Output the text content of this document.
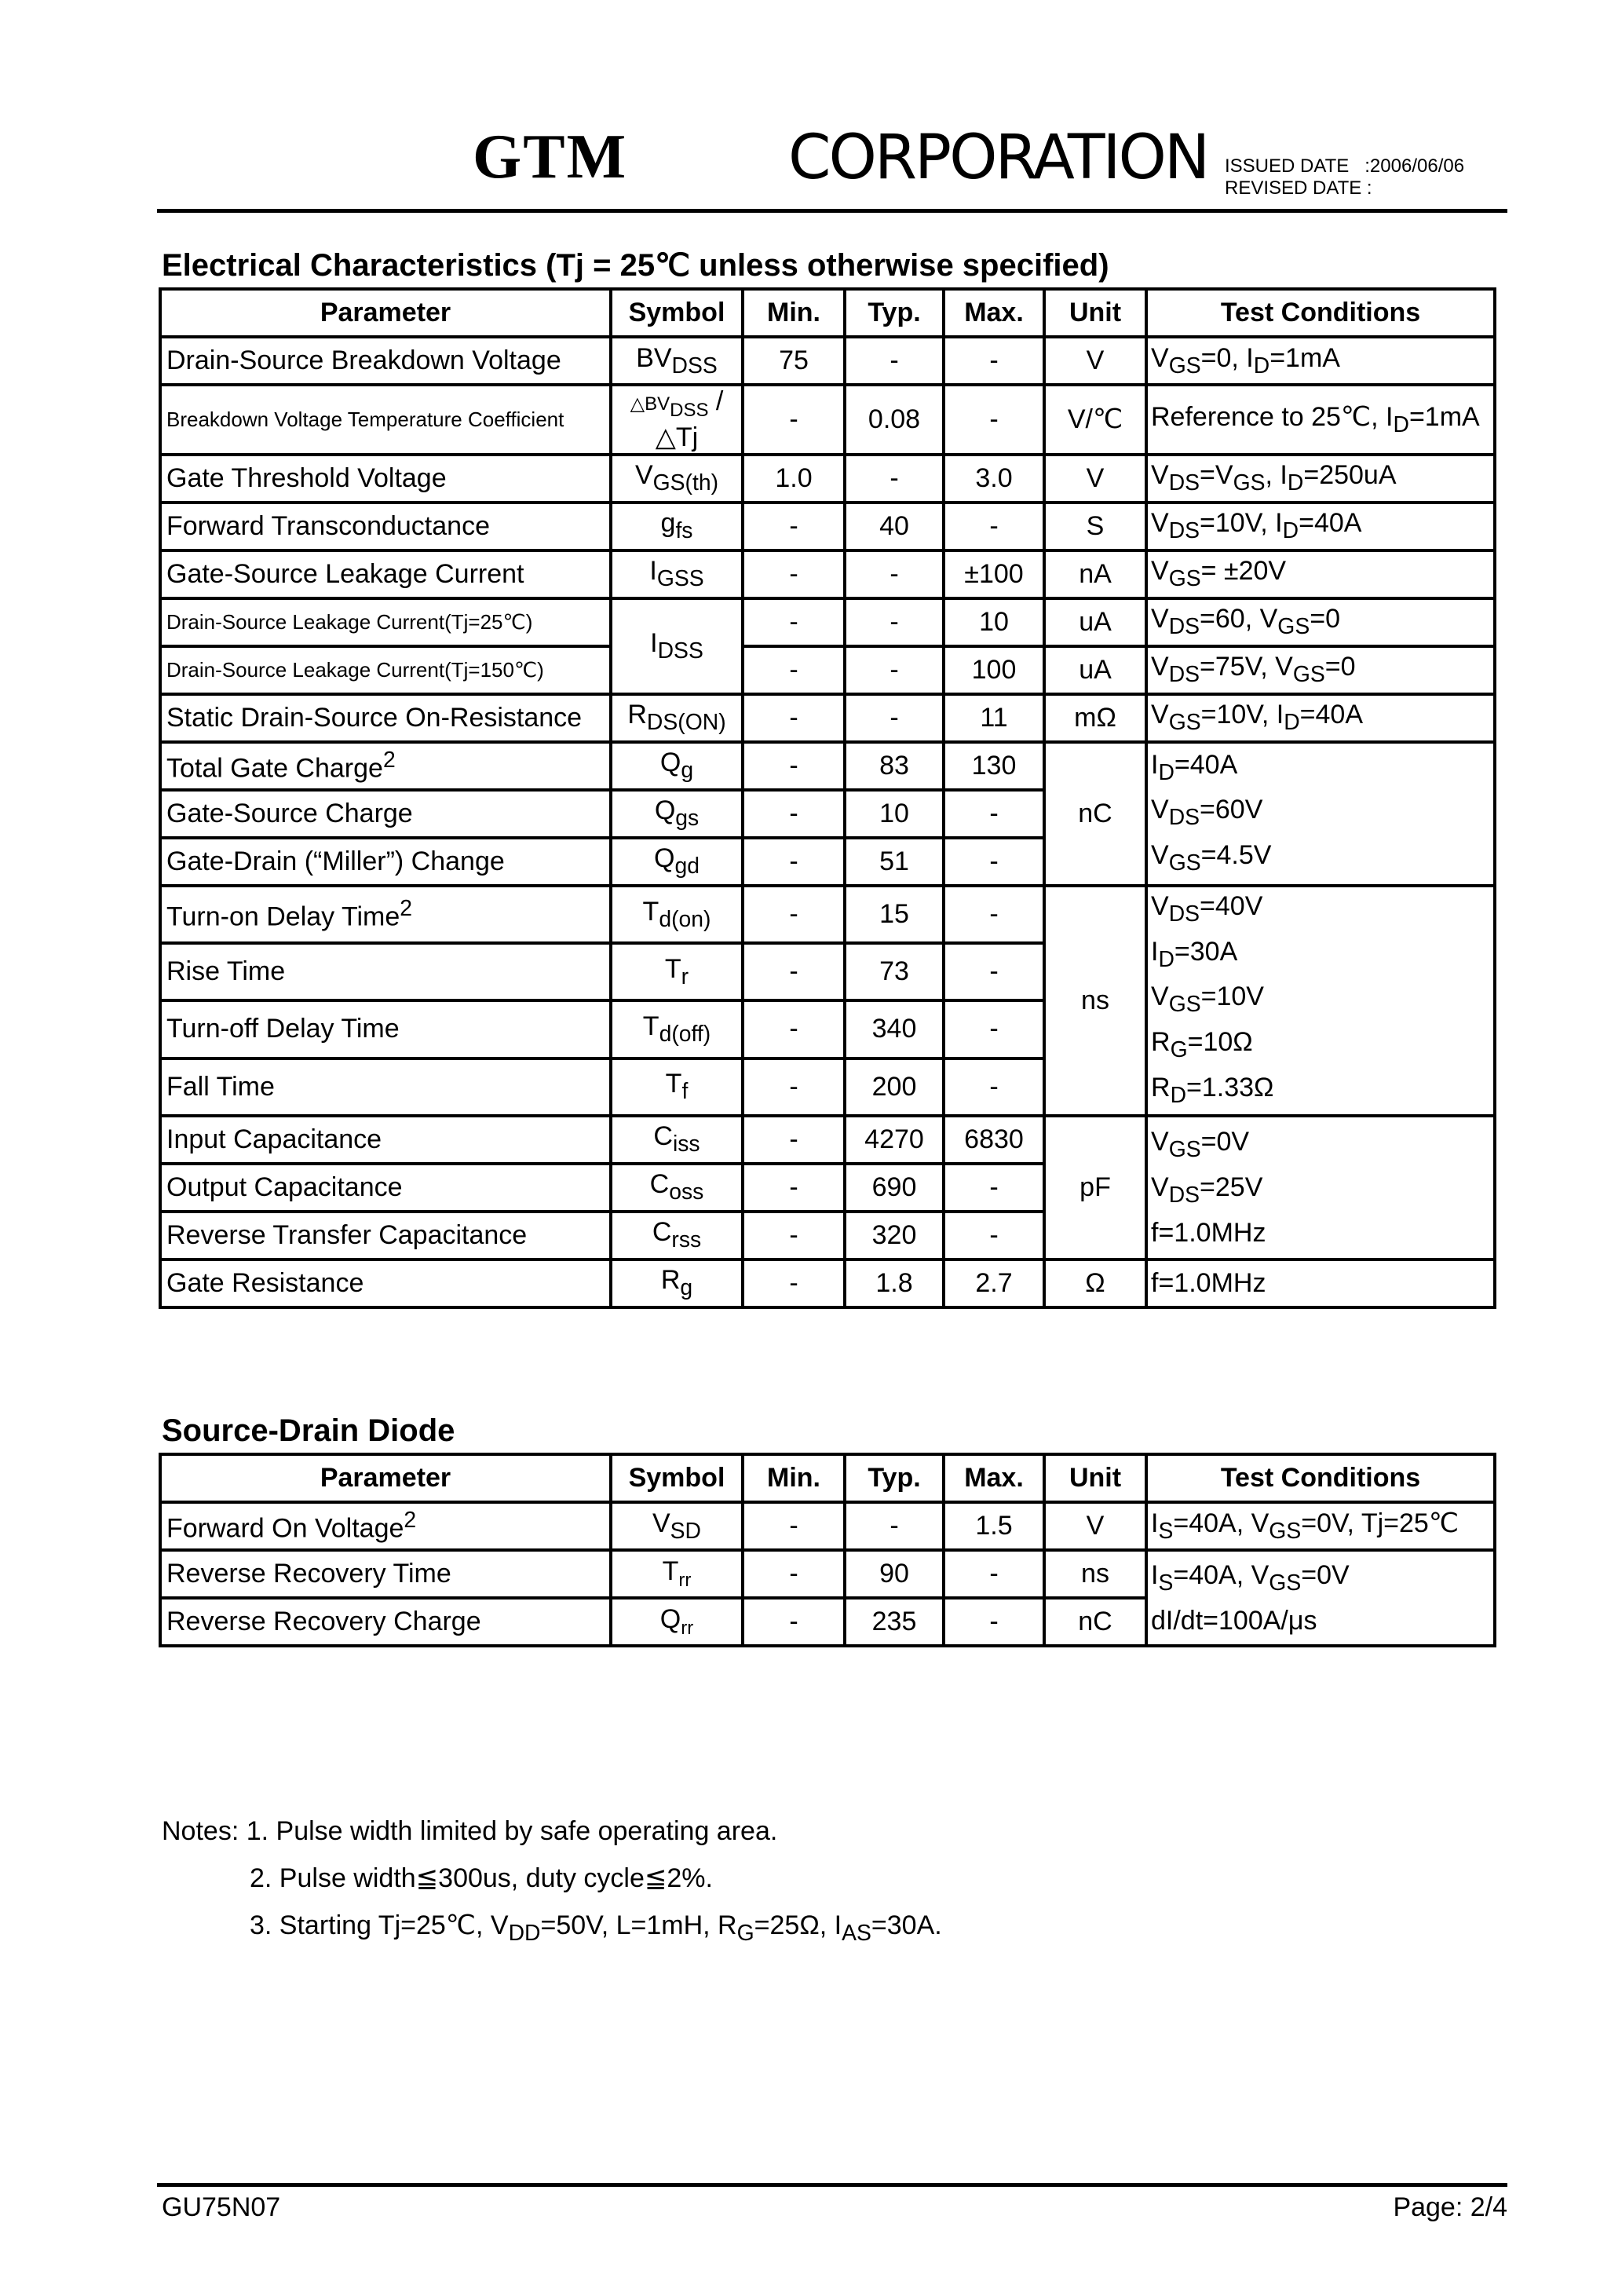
GTM	CORPORATION ISSUED DATE :2006/06/06
REVISED DATE :
Electrical Characteristics (Tj = 25℃ unless otherwise specified)
Parameter	Symbol	Min.	Typ.	Max.	Unit	Test Conditions
Drain-Source Breakdown Voltage	$BV_{DSS}$	75	-	-	V	$V_{GS}=0$, $I_D=1mA$
Breakdown Voltage Temperature Coefficient	$\triangle BV_{DSS}$ /△Tj	-	0.08	-	V/℃	Reference to 25℃, $I_D=1mA$
Gate Threshold Voltage	$V_{GS(th)}$	1.0	-	3.0	V	$V_{DS}=V_{GS}$, $I_D=250uA$
Forward Transconductance	$g_{fs}$	-	40	-	S	$V_{DS}=10V$, $I_D=40A$
Gate-Source Leakage Current	$I_{GSS}$	-	-	±100	nA	$V_{GS}= \pm 20V$
Drain-Source Leakage Current(Tj=25℃)	$I_{DSS}$	-	-	10	uA	$V_{DS}=60$, $V_{GS}=0$
Drain-Source Leakage Current(Tj=150℃)		-	-	100	uA	$V_{DS}=75V$, $V_{GS}=0$
Static Drain-Source On-Resistance	$R_{DS(ON)}$	-	-	11	mΩ	$V_{GS}=10V$, $I_D=40A$
Total Gate Charge$^2$	$Q_g$	-	83	130	nC	$I_D=40A$
$V_{DS}=60V$
$V_{GS}=4.5V$
Gate-Source Charge	$Q_{gs}$	-	10	-		
Gate-Drain (“Miller”) Change	$Q_{gd}$	-	51	-		
Turn-on Delay Time$^2$	$T_{d(on)}$	-	15	-	ns	$V_{DS}=40V$
$I_D=30A$
$V_{GS}=10V$
$R_G=10\Omega$
$R_D=1.33\Omega$
Rise Time	$T_r$	-	73	-		
Turn-off Delay Time	$T_{d(off)}$	-	340	-		
Fall Time	$T_f$	-	200	-		
Input Capacitance	$C_{iss}$	-	4270	6830	pF	$V_{GS}=0V$
$V_{DS}=25V$
f=1.0MHz
Output Capacitance	$C_{oss}$	-	690	-		
Reverse Transfer Capacitance	$C_{rss}$	-	320	-		
Gate Resistance	$R_g$	-	1.8	2.7	Ω	f=1.0MHz
Source-Drain Diode
Parameter	Symbol	Min.	Typ.	Max.	Unit	Test Conditions
Forward On Voltage$^2$	$V_{SD}$	-	-	1.5	V	$I_S=40A$, $V_{GS}=0V$, Tj=25℃
Reverse Recovery Time	$T_{rr}$	-	90	-	ns	$I_S=40A$, $V_{GS}=0V$
dI/dt=100A/μs
Reverse Recovery Charge	$Q_{rr}$	-	235	-	nC	
Notes: 1. Pulse width limited by safe operating area.
2. Pulse width≦300us, duty cycle≦2%.
3. Starting Tj=25℃, $V_{DD}=50V$, L=1mH, $R_G=25\Omega$, $I_{AS}=30A$.
GU75N07	Page: 2/4
